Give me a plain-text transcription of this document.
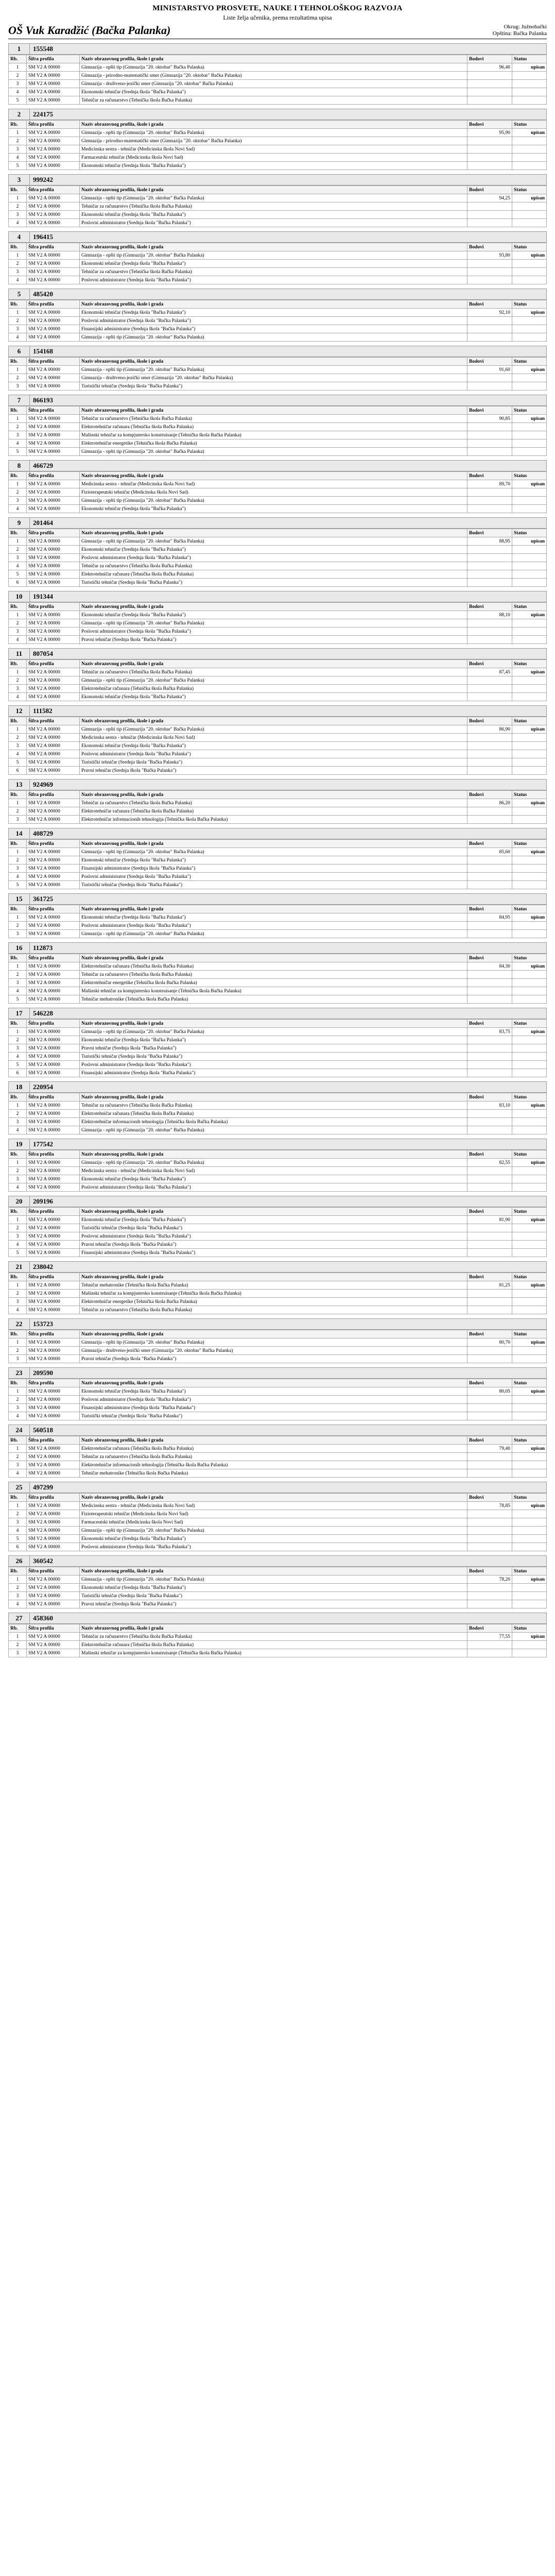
MINISTARSTVO PROSVETE, NAUKE I TEHNOLOŠKOG RAZVOJA
Liste želja učenika, prema rezultatima upisa
OŠ Vuk Karadžić (Bačka Palanka)	Okrug: Južnobački
Opština: Bačka Palanka
1	155548
Rb.	Šifra profila	Naziv obrazovnog profila, škole i grada	Bodovi	Status
1	SM V2 A 00000	Gimnazija - opšti tip (Gimnazija "20. oktobar" Bačka Palanka)	96,40	upisan
2	SM V2 A 00000	Gimnazija - prirodno-matematički smer (Gimnazija "20. oktobar" Bačka Palanka)		
3	SM V2 A 00000	Gimnazija - društveno-jezički smer (Gimnazija "20. oktobar" Bačka Palanka)		
4	SM V2 A 00000	Ekonomski tehničar (Srednja škola "Bačka Palanka")		
5	SM V2 A 00000	Tehničar za računarstvo (Tehnička škola Bačka Palanka)		
2	224175
Rb.	Šifra profila	Naziv obrazovnog profila, škole i grada	Bodovi	Status
1	SM V2 A 00000	Gimnazija - opšti tip (Gimnazija "20. oktobar" Bačka Palanka)	95,90	upisan
2	SM V2 A 00000	Gimnazija - prirodno-matematički smer (Gimnazija "20. oktobar" Bačka Palanka)		
3	SM V2 A 00000	Medicinska sestra - tehničar (Medicinska škola Novi Sad)		
4	SM V2 A 00000	Farmaceutski tehničar (Medicinska škola Novi Sad)		
5	SM V2 A 00000	Ekonomski tehničar (Srednja škola "Bačka Palanka")		
3	999242
Rb.	Šifra profila	Naziv obrazovnog profila, škole i grada	Bodovi	Status
1	SM V2 A 00000	Gimnazija - opšti tip (Gimnazija "20. oktobar" Bačka Palanka)	94,25	upisan
2	SM V2 A 00000	Tehničar za računarstvo (Tehnička škola Bačka Palanka)		
3	SM V2 A 00000	Ekonomski tehničar (Srednja škola "Bačka Palanka")		
4	SM V2 A 00000	Poslovni administrator (Srednja škola "Bačka Palanka")		
4	196415
Rb.	Šifra profila	Naziv obrazovnog profila, škole i grada	Bodovi	Status
1	SM V2 A 00000	Gimnazija - opšti tip (Gimnazija "20. oktobar" Bačka Palanka)	93,80	upisan
2	SM V2 A 00000	Ekonomski tehničar (Srednja škola "Bačka Palanka")		
3	SM V2 A 00000	Tehničar za računarstvo (Tehnička škola Bačka Palanka)		
4	SM V2 A 00000	Poslovni administrator (Srednja škola "Bačka Palanka")		
5	485420
Rb.	Šifra profila	Naziv obrazovnog profila, škole i grada	Bodovi	Status
1	SM V2 A 00000	Ekonomski tehničar (Srednja škola "Bačka Palanka")	92,10	upisan
2	SM V2 A 00000	Poslovni administrator (Srednja škola "Bačka Palanka")		
3	SM V2 A 00000	Finansijski administrator (Srednja škola "Bačka Palanka")		
4	SM V2 A 00000	Gimnazija - opšti tip (Gimnazija "20. oktobar" Bačka Palanka)		
6	154168
Rb.	Šifra profila	Naziv obrazovnog profila, škole i grada	Bodovi	Status
1	SM V2 A 00000	Gimnazija - opšti tip (Gimnazija "20. oktobar" Bačka Palanka)	91,60	upisan
2	SM V2 A 00000	Gimnazija - društveno-jezički smer (Gimnazija "20. oktobar" Bačka Palanka)		
3	SM V2 A 00000	Turistički tehničar (Srednja škola "Bačka Palanka")		
7	866193
Rb.	Šifra profila	Naziv obrazovnog profila, škole i grada	Bodovi	Status
1	SM V2 A 00000	Tehničar za računarstvo (Tehnička škola Bačka Palanka)	90,85	upisan
2	SM V2 A 00000	Elektrotehničar računara (Tehnička škola Bačka Palanka)		
3	SM V2 A 00000	Mašinski tehničar za kompjutersko konstruisanje (Tehnička škola Bačka Palanka)		
4	SM V2 A 00000	Elektrotehničar energetike (Tehnička škola Bačka Palanka)		
5	SM V2 A 00000	Gimnazija - opšti tip (Gimnazija "20. oktobar" Bačka Palanka)		
8	466729
Rb.	Šifra profila	Naziv obrazovnog profila, škole i grada	Bodovi	Status
1	SM V2 A 00000	Medicinska sestra - tehničar (Medicinska škola Novi Sad)	89,70	upisan
2	SM V2 A 00000	Fizioterapeutski tehničar (Medicinska škola Novi Sad)		
3	SM V2 A 00000	Gimnazija - opšti tip (Gimnazija "20. oktobar" Bačka Palanka)		
4	SM V2 A 00000	Ekonomski tehničar (Srednja škola "Bačka Palanka")		
9	201464
Rb.	Šifra profila	Naziv obrazovnog profila, škole i grada	Bodovi	Status
1	SM V2 A 00000	Gimnazija - opšti tip (Gimnazija "20. oktobar" Bačka Palanka)	88,95	upisan
2	SM V2 A 00000	Ekonomski tehničar (Srednja škola "Bačka Palanka")		
3	SM V2 A 00000	Poslovni administrator (Srednja škola "Bačka Palanka")		
4	SM V2 A 00000	Tehničar za računarstvo (Tehnička škola Bačka Palanka)		
5	SM V2 A 00000	Elektrotehničar računara (Tehnička škola Bačka Palanka)		
6	SM V2 A 00000	Turistički tehničar (Srednja škola "Bačka Palanka")		
10	191344
Rb.	Šifra profila	Naziv obrazovnog profila, škole i grada	Bodovi	Status
1	SM V2 A 00000	Ekonomski tehničar (Srednja škola "Bačka Palanka")	88,10	upisan
2	SM V2 A 00000	Gimnazija - opšti tip (Gimnazija "20. oktobar" Bačka Palanka)		
3	SM V2 A 00000	Poslovni administrator (Srednja škola "Bačka Palanka")		
4	SM V2 A 00000	Pravni tehničar (Srednja škola "Bačka Palanka")		
11	807054
Rb.	Šifra profila	Naziv obrazovnog profila, škole i grada	Bodovi	Status
1	SM V2 A 00000	Tehničar za računarstvo (Tehnička škola Bačka Palanka)	87,45	upisan
2	SM V2 A 00000	Gimnazija - opšti tip (Gimnazija "20. oktobar" Bačka Palanka)		
3	SM V2 A 00000	Elektrotehničar računara (Tehnička škola Bačka Palanka)		
4	SM V2 A 00000	Ekonomski tehničar (Srednja škola "Bačka Palanka")		
12	111582
Rb.	Šifra profila	Naziv obrazovnog profila, škole i grada	Bodovi	Status
1	SM V2 A 00000	Gimnazija - opšti tip (Gimnazija "20. oktobar" Bačka Palanka)	86,90	upisan
2	SM V2 A 00000	Medicinska sestra - tehničar (Medicinska škola Novi Sad)		
3	SM V2 A 00000	Ekonomski tehničar (Srednja škola "Bačka Palanka")		
4	SM V2 A 00000	Poslovni administrator (Srednja škola "Bačka Palanka")		
5	SM V2 A 00000	Turistički tehničar (Srednja škola "Bačka Palanka")		
6	SM V2 A 00000	Pravni tehničar (Srednja škola "Bačka Palanka")		
13	924969
Rb.	Šifra profila	Naziv obrazovnog profila, škole i grada	Bodovi	Status
1	SM V2 A 00000	Tehničar za računarstvo (Tehnička škola Bačka Palanka)	86,20	upisan
2	SM V2 A 00000	Elektrotehničar računara (Tehnička škola Bačka Palanka)		
3	SM V2 A 00000	Elektrotehničar informacionih tehnologija (Tehnička škola Bačka Palanka)		
14	408729
Rb.	Šifra profila	Naziv obrazovnog profila, škole i grada	Bodovi	Status
1	SM V2 A 00000	Gimnazija - opšti tip (Gimnazija "20. oktobar" Bačka Palanka)	85,60	upisan
2	SM V2 A 00000	Ekonomski tehničar (Srednja škola "Bačka Palanka")		
3	SM V2 A 00000	Finansijski administrator (Srednja škola "Bačka Palanka")		
4	SM V2 A 00000	Poslovni administrator (Srednja škola "Bačka Palanka")		
5	SM V2 A 00000	Turistički tehničar (Srednja škola "Bačka Palanka")		
15	361725
Rb.	Šifra profila	Naziv obrazovnog profila, škole i grada	Bodovi	Status
1	SM V2 A 00000	Ekonomski tehničar (Srednja škola "Bačka Palanka")	84,95	upisan
2	SM V2 A 00000	Poslovni administrator (Srednja škola "Bačka Palanka")		
3	SM V2 A 00000	Gimnazija - opšti tip (Gimnazija "20. oktobar" Bačka Palanka)		
16	112873
Rb.	Šifra profila	Naziv obrazovnog profila, škole i grada	Bodovi	Status
1	SM V2 A 00000	Elektrotehničar računara (Tehnička škola Bačka Palanka)	84,30	upisan
2	SM V2 A 00000	Tehničar za računarstvo (Tehnička škola Bačka Palanka)		
3	SM V2 A 00000	Elektrotehničar energetike (Tehnička škola Bačka Palanka)		
4	SM V2 A 00000	Mašinski tehničar za kompjutersko konstruisanje (Tehnička škola Bačka Palanka)		
5	SM V2 A 00000	Tehničar mehatronike (Tehnička škola Bačka Palanka)		
17	546228
Rb.	Šifra profila	Naziv obrazovnog profila, škole i grada	Bodovi	Status
1	SM V2 A 00000	Gimnazija - opšti tip (Gimnazija "20. oktobar" Bačka Palanka)	83,75	upisan
2	SM V2 A 00000	Ekonomski tehničar (Srednja škola "Bačka Palanka")		
3	SM V2 A 00000	Pravni tehničar (Srednja škola "Bačka Palanka")		
4	SM V2 A 00000	Turistički tehničar (Srednja škola "Bačka Palanka")		
5	SM V2 A 00000	Poslovni administrator (Srednja škola "Bačka Palanka")		
6	SM V2 A 00000	Finansijski administrator (Srednja škola "Bačka Palanka")		
18	220954
Rb.	Šifra profila	Naziv obrazovnog profila, škole i grada	Bodovi	Status
1	SM V2 A 00000	Tehničar za računarstvo (Tehnička škola Bačka Palanka)	83,10	upisan
2	SM V2 A 00000	Elektrotehničar računara (Tehnička škola Bačka Palanka)		
3	SM V2 A 00000	Elektrotehničar informacionih tehnologija (Tehnička škola Bačka Palanka)		
4	SM V2 A 00000	Gimnazija - opšti tip (Gimnazija "20. oktobar" Bačka Palanka)		
19	177542
Rb.	Šifra profila	Naziv obrazovnog profila, škole i grada	Bodovi	Status
1	SM V2 A 00000	Gimnazija - opšti tip (Gimnazija "20. oktobar" Bačka Palanka)	82,55	upisan
2	SM V2 A 00000	Medicinska sestra - tehničar (Medicinska škola Novi Sad)		
3	SM V2 A 00000	Ekonomski tehničar (Srednja škola "Bačka Palanka")		
4	SM V2 A 00000	Poslovni administrator (Srednja škola "Bačka Palanka")		
20	209196
Rb.	Šifra profila	Naziv obrazovnog profila, škole i grada	Bodovi	Status
1	SM V2 A 00000	Ekonomski tehničar (Srednja škola "Bačka Palanka")	81,90	upisan
2	SM V2 A 00000	Turistički tehničar (Srednja škola "Bačka Palanka")		
3	SM V2 A 00000	Poslovni administrator (Srednja škola "Bačka Palanka")		
4	SM V2 A 00000	Pravni tehničar (Srednja škola "Bačka Palanka")		
5	SM V2 A 00000	Finansijski administrator (Srednja škola "Bačka Palanka")		
21	238042
Rb.	Šifra profila	Naziv obrazovnog profila, škole i grada	Bodovi	Status
1	SM V2 A 00000	Tehničar mehatronike (Tehnička škola Bačka Palanka)	81,25	upisan
2	SM V2 A 00000	Mašinski tehničar za kompjutersko konstruisanje (Tehnička škola Bačka Palanka)		
3	SM V2 A 00000	Elektrotehničar energetike (Tehnička škola Bačka Palanka)		
4	SM V2 A 00000	Tehničar za računarstvo (Tehnička škola Bačka Palanka)		
22	153723
Rb.	Šifra profila	Naziv obrazovnog profila, škole i grada	Bodovi	Status
1	SM V2 A 00000	Gimnazija - opšti tip (Gimnazija "20. oktobar" Bačka Palanka)	80,70	upisan
2	SM V2 A 00000	Gimnazija - društveno-jezički smer (Gimnazija "20. oktobar" Bačka Palanka)		
3	SM V2 A 00000	Pravni tehničar (Srednja škola "Bačka Palanka")		
23	209590
Rb.	Šifra profila	Naziv obrazovnog profila, škole i grada	Bodovi	Status
1	SM V2 A 00000	Ekonomski tehničar (Srednja škola "Bačka Palanka")	80,05	upisan
2	SM V2 A 00000	Poslovni administrator (Srednja škola "Bačka Palanka")		
3	SM V2 A 00000	Finansijski administrator (Srednja škola "Bačka Palanka")		
4	SM V2 A 00000	Turistički tehničar (Srednja škola "Bačka Palanka")		
24	560518
Rb.	Šifra profila	Naziv obrazovnog profila, škole i grada	Bodovi	Status
1	SM V2 A 00000	Elektrotehničar računara (Tehnička škola Bačka Palanka)	79,40	upisan
2	SM V2 A 00000	Tehničar za računarstvo (Tehnička škola Bačka Palanka)		
3	SM V2 A 00000	Elektrotehničar informacionih tehnologija (Tehnička škola Bačka Palanka)		
4	SM V2 A 00000	Tehničar mehatronike (Tehnička škola Bačka Palanka)		
25	497299
Rb.	Šifra profila	Naziv obrazovnog profila, škole i grada	Bodovi	Status
1	SM V2 A 00000	Medicinska sestra - tehničar (Medicinska škola Novi Sad)	78,85	upisan
2	SM V2 A 00000	Fizioterapeutski tehničar (Medicinska škola Novi Sad)		
3	SM V2 A 00000	Farmaceutski tehničar (Medicinska škola Novi Sad)		
4	SM V2 A 00000	Gimnazija - opšti tip (Gimnazija "20. oktobar" Bačka Palanka)		
5	SM V2 A 00000	Ekonomski tehničar (Srednja škola "Bačka Palanka")		
6	SM V2 A 00000	Poslovni administrator (Srednja škola "Bačka Palanka")		
26	360542
Rb.	Šifra profila	Naziv obrazovnog profila, škole i grada	Bodovi	Status
1	SM V2 A 00000	Gimnazija - opšti tip (Gimnazija "20. oktobar" Bačka Palanka)	78,20	upisan
2	SM V2 A 00000	Ekonomski tehničar (Srednja škola "Bačka Palanka")		
3	SM V2 A 00000	Turistički tehničar (Srednja škola "Bačka Palanka")		
4	SM V2 A 00000	Pravni tehničar (Srednja škola "Bačka Palanka")		
27	458360
Rb.	Šifra profila	Naziv obrazovnog profila, škole i grada	Bodovi	Status
1	SM V2 A 00000	Tehničar za računarstvo (Tehnička škola Bačka Palanka)	77,55	upisan
2	SM V2 A 00000	Elektrotehničar računara (Tehnička škola Bačka Palanka)		
3	SM V2 A 00000	Mašinski tehničar za kompjutersko konstruisanje (Tehnička škola Bačka Palanka)		
